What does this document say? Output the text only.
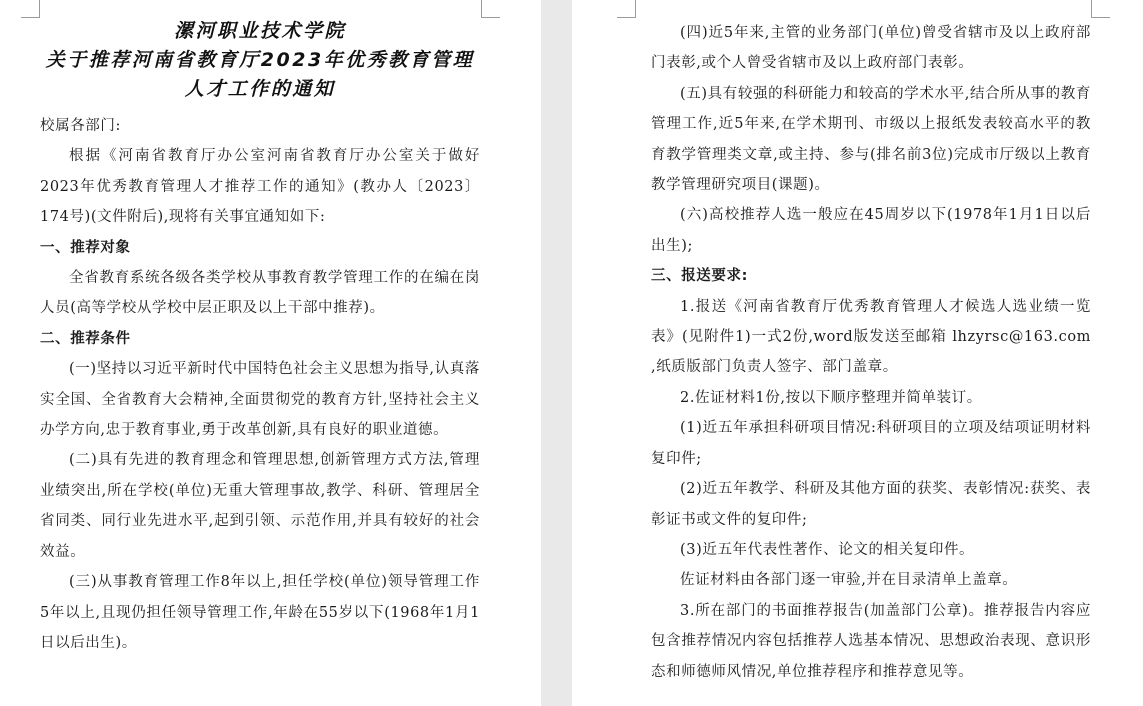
漯河职业技术学院
关于推荐河南省教育厅2023年优秀教育管理
人才工作的通知

校属各部门:

根据《河南省教育厅办公室河南省教育厅办公室关于做好2023年优秀教育管理人才推荐工作的通知》(教办人〔2023〕174号)(文件附后),现将有关事宜通知如下:

一、推荐对象

全省教育系统各级各类学校从事教育教学管理工作的在编在岗人员(高等学校从学校中层正职及以上干部中推荐)。

二、推荐条件

(一)坚持以习近平新时代中国特色社会主义思想为指导,认真落实全国、全省教育大会精神,全面贯彻党的教育方针,坚持社会主义办学方向,忠于教育事业,勇于改革创新,具有良好的职业道德。

(二)具有先进的教育理念和管理思想,创新管理方式方法,管理业绩突出,所在学校(单位)无重大管理事故,教学、科研、管理居全省同类、同行业先进水平,起到引领、示范作用,并具有较好的社会效益。

(三)从事教育管理工作8年以上,担任学校(单位)领导管理工作5年以上,且现仍担任领导管理工作,年龄在55岁以下(1968年1月1日以后出生)。

(四)近5年来,主管的业务部门(单位)曾受省辖市及以上政府部门表彰,或个人曾受省辖市及以上政府部门表彰。

(五)具有较强的科研能力和较高的学术水平,结合所从事的教育管理工作,近5年来,在学术期刊、市级以上报纸发表较高水平的教育教学管理类文章,或主持、参与(排名前3位)完成市厅级以上教育教学管理研究项目(课题)。

(六)高校推荐人选一般应在45周岁以下(1978年1月1日以后出生);

三、报送要求:

1.报送《河南省教育厅优秀教育管理人才候选人选业绩一览表》(见附件1)一式2份,word版发送至邮箱 lhzyrsc@163.com ,纸质版部门负责人签字、部门盖章。

2.佐证材料1份,按以下顺序整理并简单装订。

(1)近五年承担科研项目情况:科研项目的立项及结项证明材料复印件;

(2)近五年教学、科研及其他方面的获奖、表彰情况:获奖、表彰证书或文件的复印件;

(3)近五年代表性著作、论文的相关复印件。

佐证材料由各部门逐一审验,并在目录清单上盖章。

3.所在部门的书面推荐报告(加盖部门公章)。推荐报告内容应包含推荐情况内容包括推荐人选基本情况、思想政治表现、意识形态和师德师风情况,单位推荐程序和推荐意见等。
